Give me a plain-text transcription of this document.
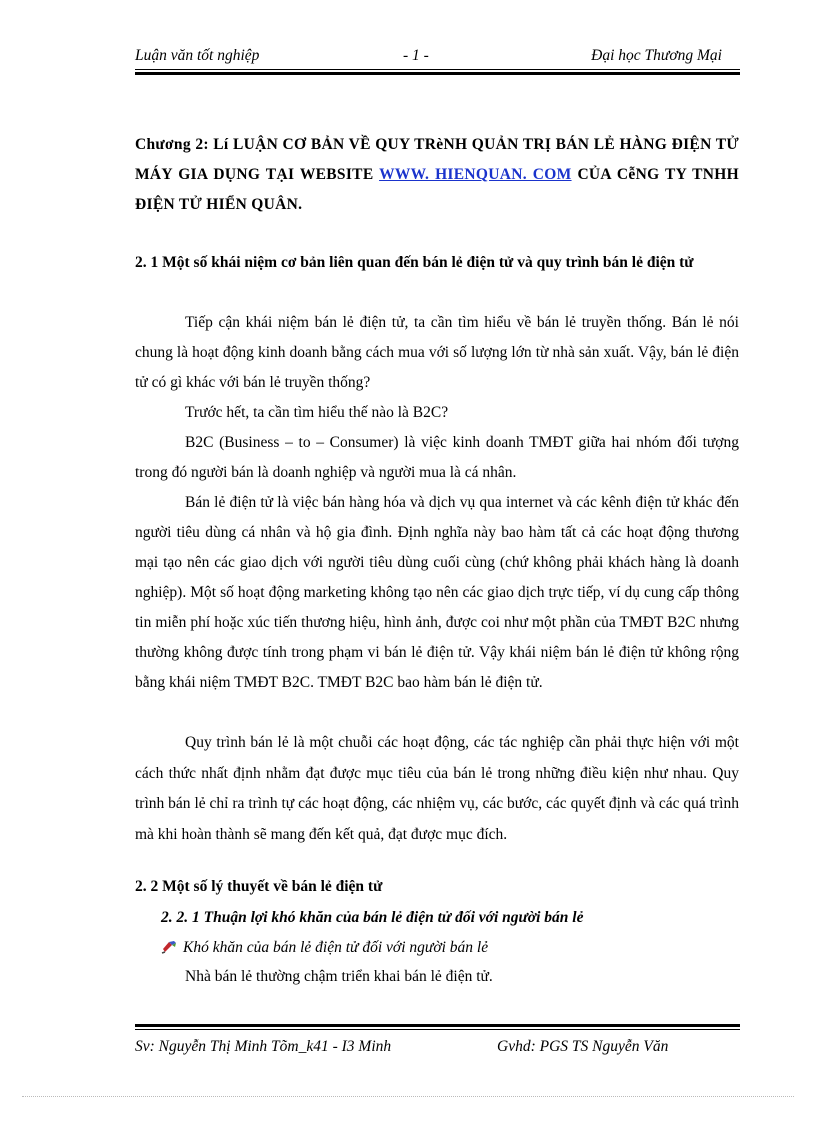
Luận văn tốt nghiệp	- 1 -	Đại học Thương Mại
Chương 2: Lí LUẬN CƠ BẢN VỀ QUY TRèNH QUẢN TRỊ BÁN LẺ HÀNG ĐIỆN TỬ MÁY GIA DỤNG TẠI WEBSITE WWW. HIENQUAN. COM CỦA CễNG TY TNHH ĐIỆN TỬ HIỂN QUÂN.
2. 1 Một số khái niệm cơ bản liên quan đến bán lẻ điện tử và quy trình bán lẻ điện tử
Tiếp cận khái niệm bán lẻ điện tử, ta cần tìm hiểu về bán lẻ truyền thống. Bán lẻ nói chung là hoạt động kinh doanh bằng cách mua với số lượng lớn từ nhà sản xuất. Vậy, bán lẻ điện tử có gì khác với bán lẻ truyền thống?
Trước hết, ta cần tìm hiểu thế nào là B2C?
B2C (Business – to – Consumer) là việc kinh doanh TMĐT giữa hai nhóm đối tượng trong đó người bán là doanh nghiệp và người mua là cá nhân.
Bán lẻ điện tử là việc bán hàng hóa và dịch vụ qua internet và các kênh điện tử khác đến người tiêu dùng cá nhân và hộ gia đình. Định nghĩa này bao hàm tất cả các hoạt động thương mại tạo nên các giao dịch với người tiêu dùng cuối cùng (chứ không phải khách hàng là doanh nghiệp). Một số hoạt động marketing không tạo nên các giao dịch trực tiếp, ví dụ cung cấp thông tin miễn phí hoặc xúc tiến thương hiệu, hình ảnh, được coi như một phần của TMĐT B2C nhưng thường không được tính trong phạm vi bán lẻ điện tử. Vậy khái niệm bán lẻ điện tử không rộng bằng khái niệm TMĐT B2C. TMĐT B2C bao hàm bán lẻ điện tử.
Quy trình bán lẻ là một chuỗi các hoạt động, các tác nghiệp cần phải thực hiện với một cách thức nhất định nhằm đạt được mục tiêu của bán lẻ trong những điều kiện như nhau. Quy trình bán lẻ chỉ ra trình tự các hoạt động, các nhiệm vụ, các bước, các quyết định và các quá trình mà khi hoàn thành sẽ mang đến kết quả, đạt được mục đích.
2. 2 Một số lý thuyết về bán lẻ điện tử
2. 2. 1 Thuận lợi khó khăn của bán lẻ điện tử đối với người bán lẻ
Khó khăn của bán lẻ điện tử đối với người bán lẻ
Nhà bán lẻ thường chậm triển khai bán lẻ điện tử.
Sv: Nguyễn Thị Minh Tõm_k41 - I3 Minh	Gvhd: PGS TS Nguyễn Văn
